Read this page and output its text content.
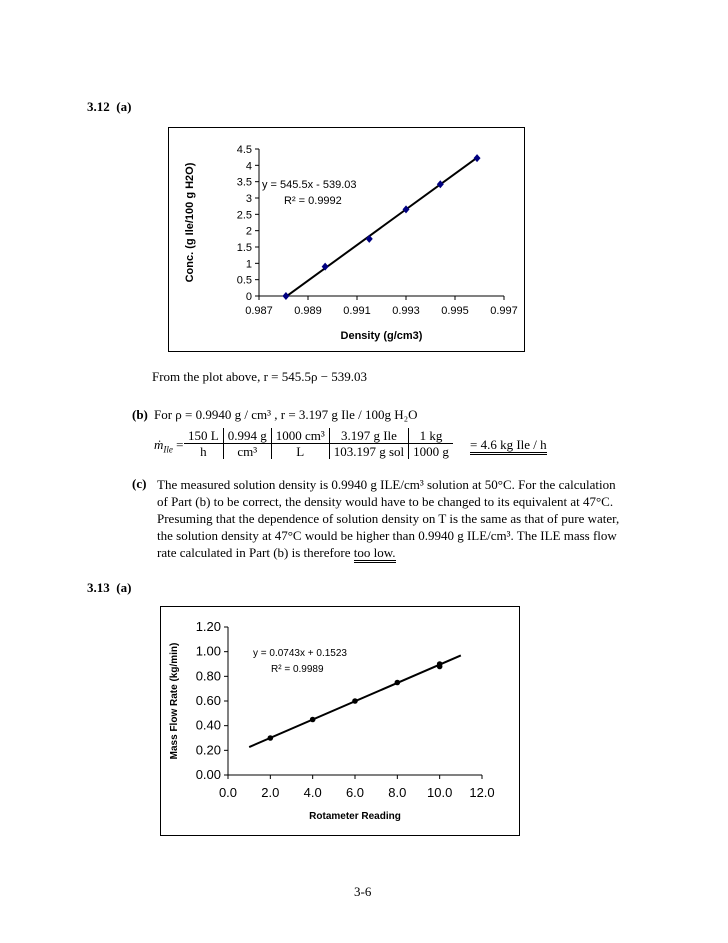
3.12 (a)
0
0.5
1
1.5
2
2.5
3
3.5
4
4.5
0.987 0.989 0.991 0.993 0.995 0.997
y = 545.5x - 539.03
R² = 0.9992
Density (g/cm3)
Conc. (g Ile/100 g H2O)
From the plot above, r = 545.5ρ − 539.03
(b) For ρ = 0.9940 g / cm³ , r = 3.197 g Ile / 100g H₂O
ṁ$_{Ile}$ =
150 L	0.994 g	1000 cm³	3.197 g Ile	1 kg
h	cm³	L	103.197 g sol	1000 g = 4.6 kg Ile / h
(c) The measured solution density is 0.9940 g ILE/cm³ solution at 50°C. For the calculation
of Part (b) to be correct, the density would have to be changed to its equivalent at 47°C.
Presuming that the dependence of solution density on T is the same as that of pure water,
the solution density at 47°C would be higher than 0.9940 g ILE/cm³. The ILE mass flow
rate calculated in Part (b) is therefore too low.
3.13 (a)
0.00
0.20
0.40
0.60
0.80
1.00
1.20
0.0 2.0 4.0 6.0 8.0 10.0 12.0
y = 0.0743x + 0.1523
R² = 0.9989
Rotameter Reading
Mass Flow Rate (kg/min)
3-6
